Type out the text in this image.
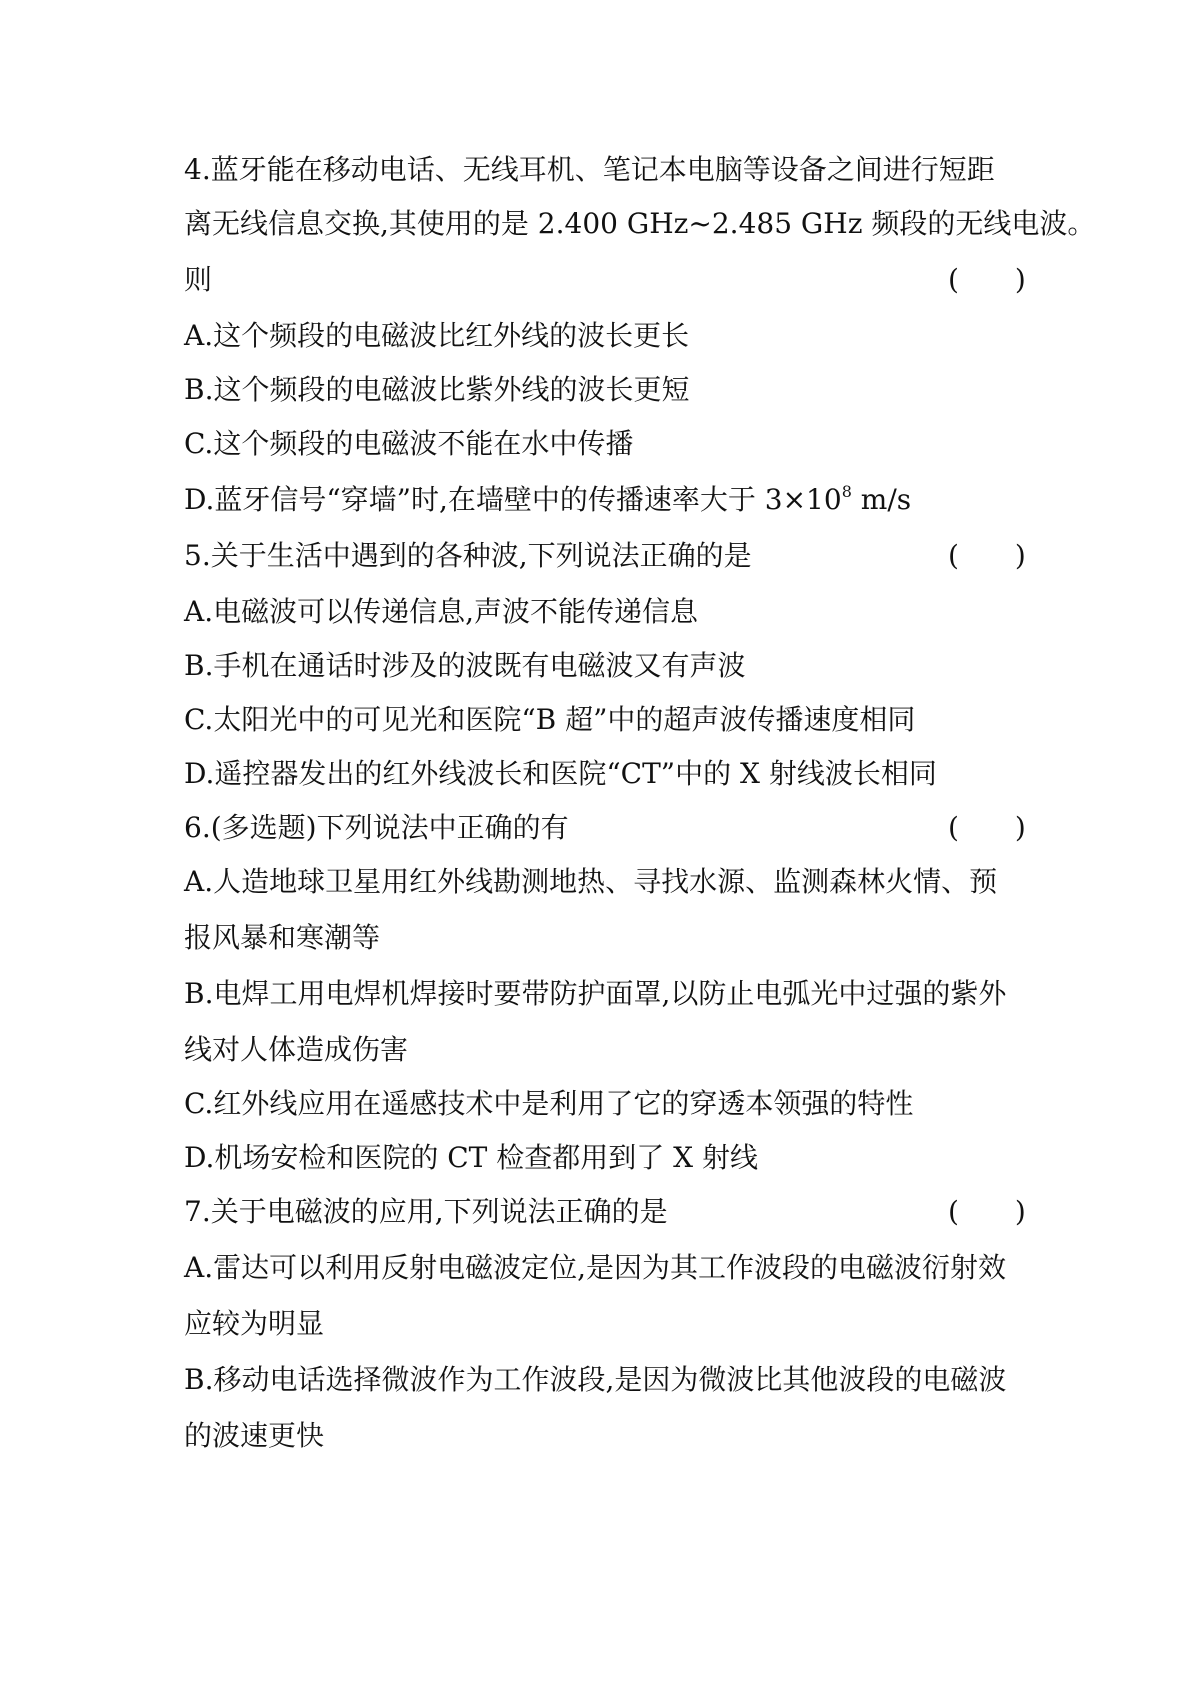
4.蓝牙能在移动电话、无线耳机、笔记本电脑等设备之间进行短距
离无线信息交换,其使用的是 2.400 GHz~2.485 GHz 频段的无线电波。
则	(　　)
A.这个频段的电磁波比红外线的波长更长
B.这个频段的电磁波比紫外线的波长更短
C.这个频段的电磁波不能在水中传播
D.蓝牙信号“穿墙”时,在墙壁中的传播速率大于 $3\times 10^8$ m/s
5.关于生活中遇到的各种波,下列说法正确的是	(　　)
A.电磁波可以传递信息,声波不能传递信息
B.手机在通话时涉及的波既有电磁波又有声波
C.太阳光中的可见光和医院“B 超”中的超声波传播速度相同
D.遥控器发出的红外线波长和医院“CT”中的 X 射线波长相同
6.(多选题)下列说法中正确的有	(　　)
A.人造地球卫星用红外线勘测地热、寻找水源、监测森林火情、预
报风暴和寒潮等
B.电焊工用电焊机焊接时要带防护面罩,以防止电弧光中过强的紫外
线对人体造成伤害
C.红外线应用在遥感技术中是利用了它的穿透本领强的特性
D.机场安检和医院的 CT 检查都用到了 X 射线
7.关于电磁波的应用,下列说法正确的是	(　　)
A.雷达可以利用反射电磁波定位,是因为其工作波段的电磁波衍射效
应较为明显
B.移动电话选择微波作为工作波段,是因为微波比其他波段的电磁波
的波速更快
